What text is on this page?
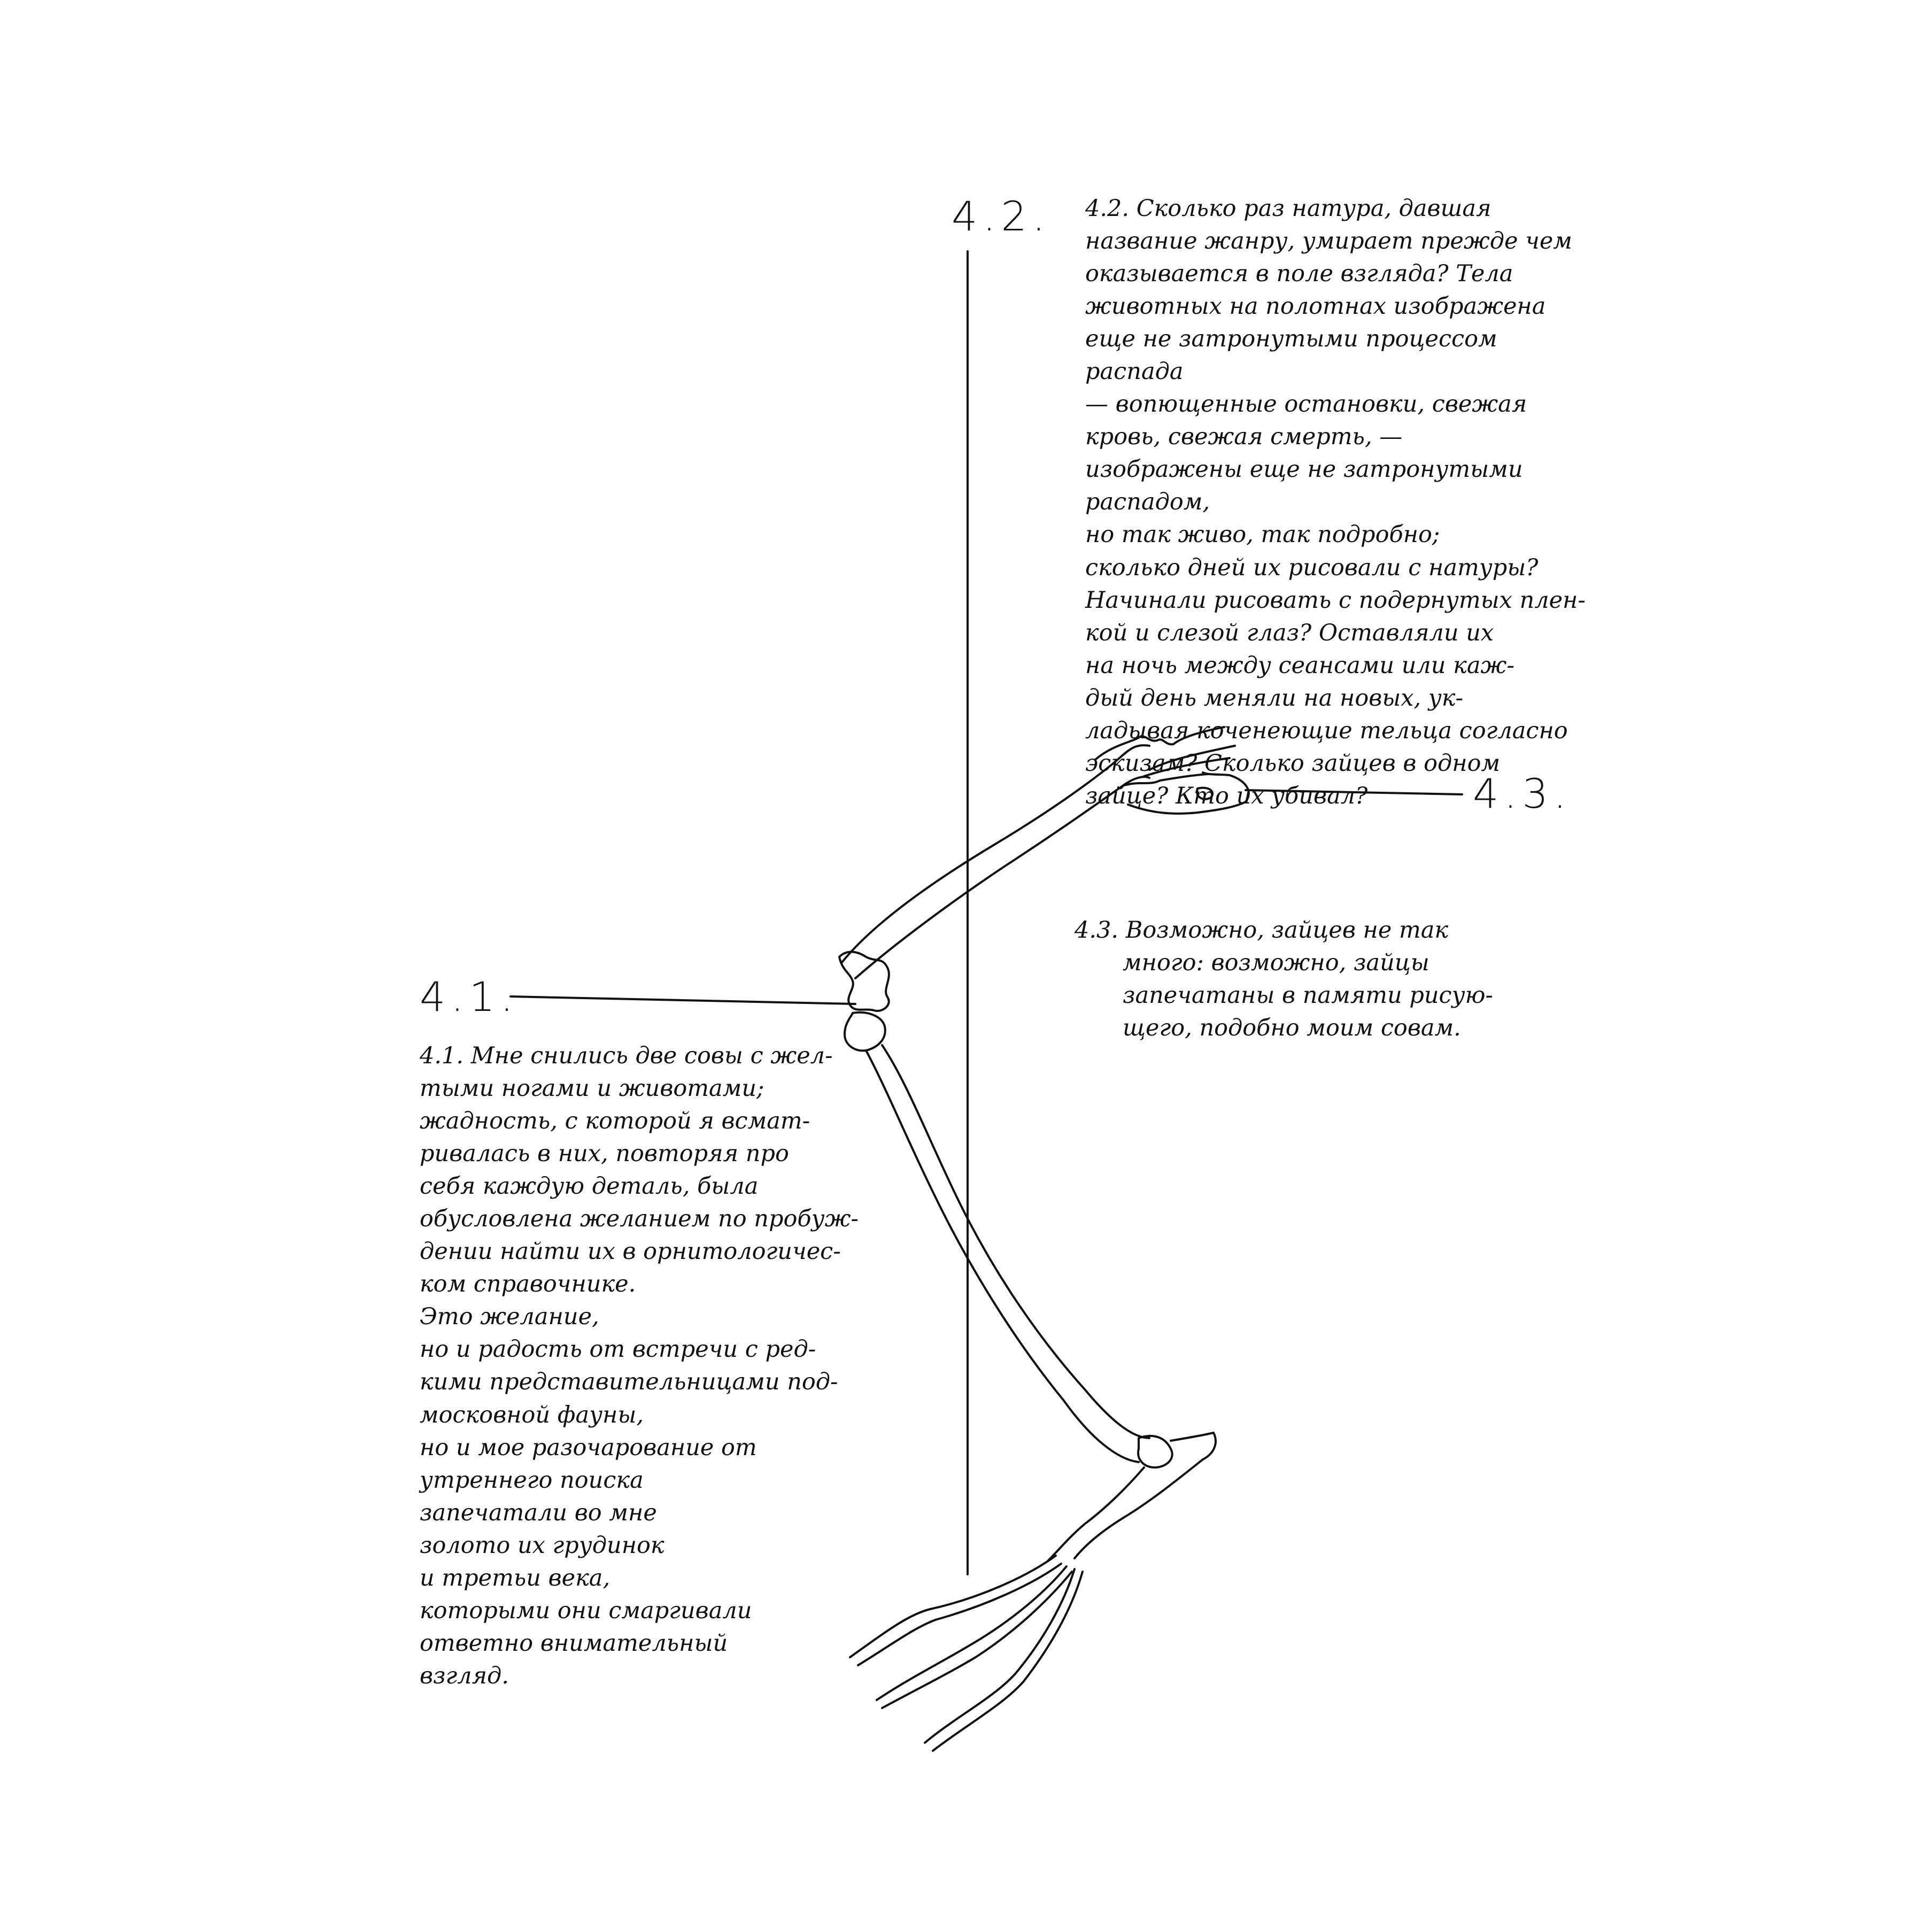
4.2.
4.1.
4.3.

4.2. Сколько раз натура, давшая

название жанру, умирает прежде чем

оказывается в поле взгляда? Тела

животных на полотнах изображена

еще не затронутыми процессом

распада

— вопющенные остановки, свежая

кровь, свежая смерть, —

изображены еще не затронутыми

распадом,

но так живо, так подробно;

сколько дней их рисовали с натуры?

Начинали рисовать с подернутых плен-

кой и слезой глаз? Оставляли их

на ночь между сеансами или каж-

дый день меняли на новых, ук-

ладывая коченеющие тельца согласно

эскизам? Сколько зайцев в одном

зайце? Кто их убивал?

4.3. Возможно, зайцев не так

много: возможно, зайцы

запечатаны в памяти рисую-

щего, подобно моим совам.

4.1. Мне снились две совы с жел-

тыми ногами и животами;

жадность, с которой я всмат-

ривалась в них, повторяя про

себя каждую деталь, была

обусловлена желанием по пробуж-

дении найти их в орнитологичес-

ком справочнике.

Это желание,

но и радость от встречи с ред-

кими представительницами под-

московной фауны,

но и мое разочарование от

утреннего поиска

запечатали во мне

золото их грудинок

и третьи века,

которыми они смаргивали

ответно внимательный

взгляд.
